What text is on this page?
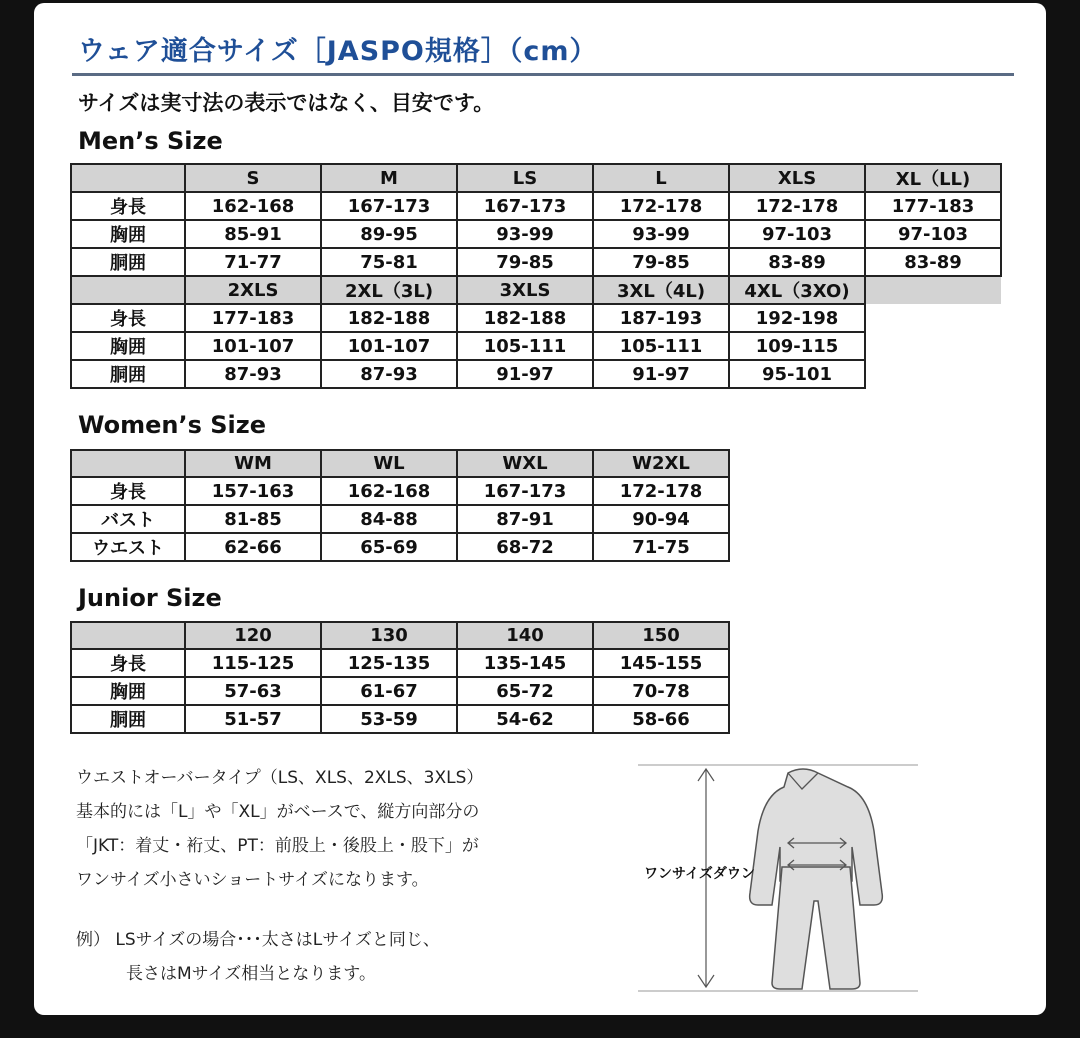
ウェア適合サイズ［JASPO規格］（cm）
サイズは実寸法の表示ではなく、目安です。
Men’s Size
	S	M	LS	L	XLS	XL（LL)
身長	162-168	167-173	167-173	172-178	172-178	177-183
胸囲	85-91	89-95	93-99	93-99	97-103	97-103
胴囲	71-77	75-81	79-85	79-85	83-89	83-89
	2XLS	2XL（3L)	3XLS	3XL（4L)	4XL（3XO)	
身長	177-183	182-188	182-188	187-193	192-198	
胸囲	101-107	101-107	105-111	105-111	109-115	
胴囲	87-93	87-93	91-97	91-97	95-101	
Women’s Size
	WM	WL	WXL	W2XL
身長	157-163	162-168	167-173	172-178
バスト	81-85	84-88	87-91	90-94
ウエスト	62-66	65-69	68-72	71-75
Junior Size
	120	130	140	150
身長	115-125	125-135	135-145	145-155
胸囲	57-63	61-67	65-72	70-78
胴囲	51-57	53-59	54-62	58-66
ウエストオーバータイプ（LS、XLS、2XLS、3XLS）
基本的には「L」や「XL」がベースで、縦方向部分の
「JKT：着丈・裄丈、PT：前股上・後股上・股下」が
ワンサイズ小さいショートサイズになります。
例） LSサイズの場合･･･太さはLサイズと同じ、
長さはMサイズ相当となります。
ワンサイズダウン
